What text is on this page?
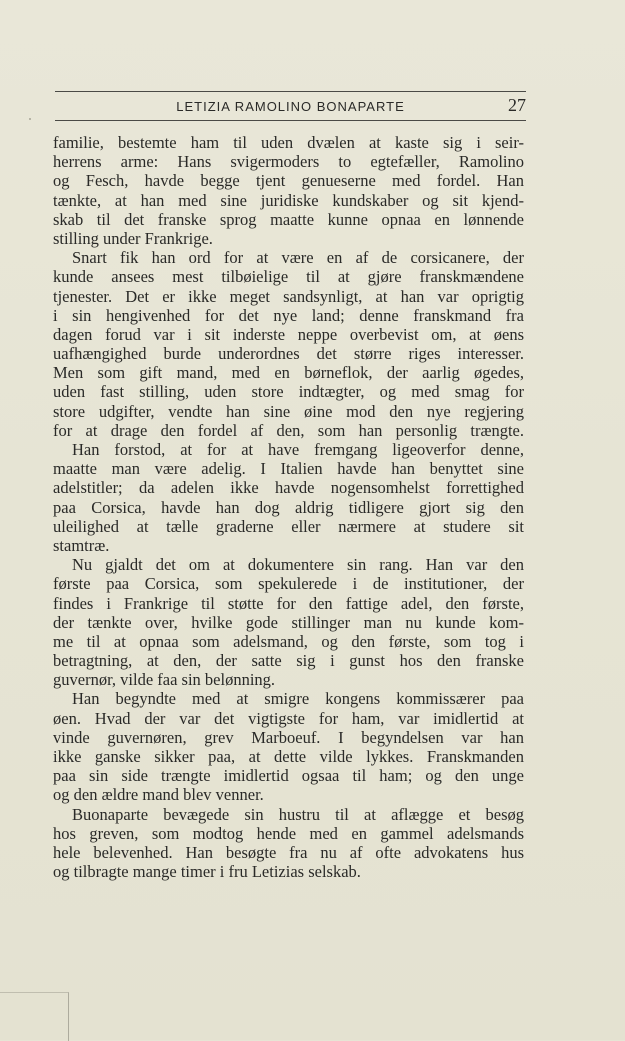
LETIZIA RAMOLINO BONAPARTE	27
familie, bestemte ham til uden dvælen at kaste sig i seir-
herrens arme: Hans svigermoders to egtefæller, Ramolino
og Fesch, havde begge tjent genueserne med fordel. Han
tænkte, at han med sine juridiske kundskaber og sit kjend-
skab til det franske sprog maatte kunne opnaa en lønnende
stilling under Frankrige.
Snart fik han ord for at være en af de corsicanere, der
kunde ansees mest tilbøielige til at gjøre franskmændene
tjenester. Det er ikke meget sandsynligt, at han var oprigtig
i sin hengivenhed for det nye land; denne franskmand fra
dagen forud var i sit inderste neppe overbevist om, at øens
uafhængighed burde underordnes det større riges interesser.
Men som gift mand, med en børneflok, der aarlig øgedes,
uden fast stilling, uden store indtægter, og med smag for
store udgifter, vendte han sine øine mod den nye regjering
for at drage den fordel af den, som han personlig trængte.
Han forstod, at for at have fremgang ligeoverfor denne,
maatte man være adelig. I Italien havde han benyttet sine
adelstitler; da adelen ikke havde nogensomhelst forrettighed
paa Corsica, havde han dog aldrig tidligere gjort sig den
uleilighed at tælle graderne eller nærmere at studere sit
stamtræ.
Nu gjaldt det om at dokumentere sin rang. Han var den
første paa Corsica, som spekulerede i de institutioner, der
findes i Frankrige til støtte for den fattige adel, den første,
der tænkte over, hvilke gode stillinger man nu kunde kom-
me til at opnaa som adelsmand, og den første, som tog i
betragtning, at den, der satte sig i gunst hos den franske
guvernør, vilde faa sin belønning.
Han begyndte med at smigre kongens kommissærer paa
øen. Hvad der var det vigtigste for ham, var imidlertid at
vinde guvernøren, grev Marboeuf. I begyndelsen var han
ikke ganske sikker paa, at dette vilde lykkes. Franskmanden
paa sin side trængte imidlertid ogsaa til ham; og den unge
og den ældre mand blev venner.
Buonaparte bevægede sin hustru til at aflægge et besøg
hos greven, som modtog hende med en gammel adelsmands
hele belevenhed. Han besøgte fra nu af ofte advokatens hus
og tilbragte mange timer i fru Letizias selskab.
